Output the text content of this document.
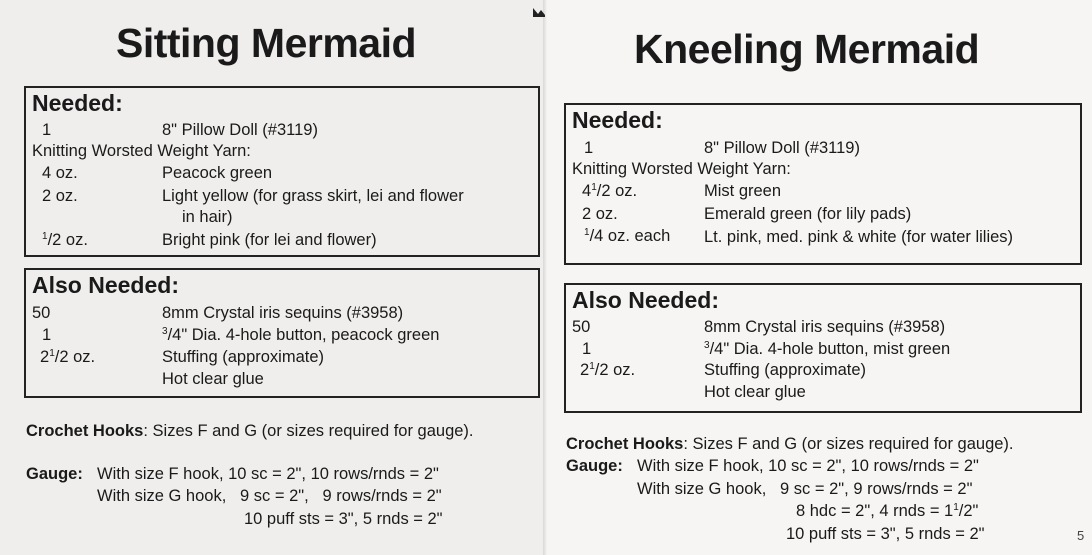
Sitting Mermaid
Needed:
1	8" Pillow Doll (#3119)
Knitting Worsted Weight Yarn:
4 oz.	Peacock green
2 oz.	Light yellow (for grass skirt, lei and flower
in hair)
$^1$/2 oz.	Bright pink (for lei and flower)
Also Needed:
50	8mm Crystal iris sequins (#3958)
1	$^3$/4" Dia. 4-hole button, peacock green
$2^1/2$ oz.	Stuffing (approximate)
Hot clear glue
Crochet Hooks: Sizes F and G (or sizes required for gauge).
Gauge: With size F hook, 10 sc = 2", 10 rows/rnds = 2"
With size G hook,   9 sc = 2",   9 rows/rnds = 2"
10 puff sts = 3", 5 rnds = 2"
Kneeling Mermaid
Needed:
1	8" Pillow Doll (#3119)
Knitting Worsted Weight Yarn:
$4^1/2$ oz.	Mist green
2 oz.	Emerald green (for lily pads)
$^1$/4 oz. each Lt. pink, med. pink & white (for water lilies)
Also Needed:
50	8mm Crystal iris sequins (#3958)
1	$^3$/4" Dia. 4-hole button, mist green
$2^1/2$ oz.	Stuffing (approximate)
Hot clear glue
Crochet Hooks: Sizes F and G (or sizes required for gauge).
Gauge: With size F hook, 10 sc = 2", 10 rows/rnds = 2"
With size G hook,   9 sc = 2", 9 rows/rnds = 2"
8 hdc = 2", 4 rnds = $1^1/2$"
10 puff sts = 3", 5 rnds = 2"	5
